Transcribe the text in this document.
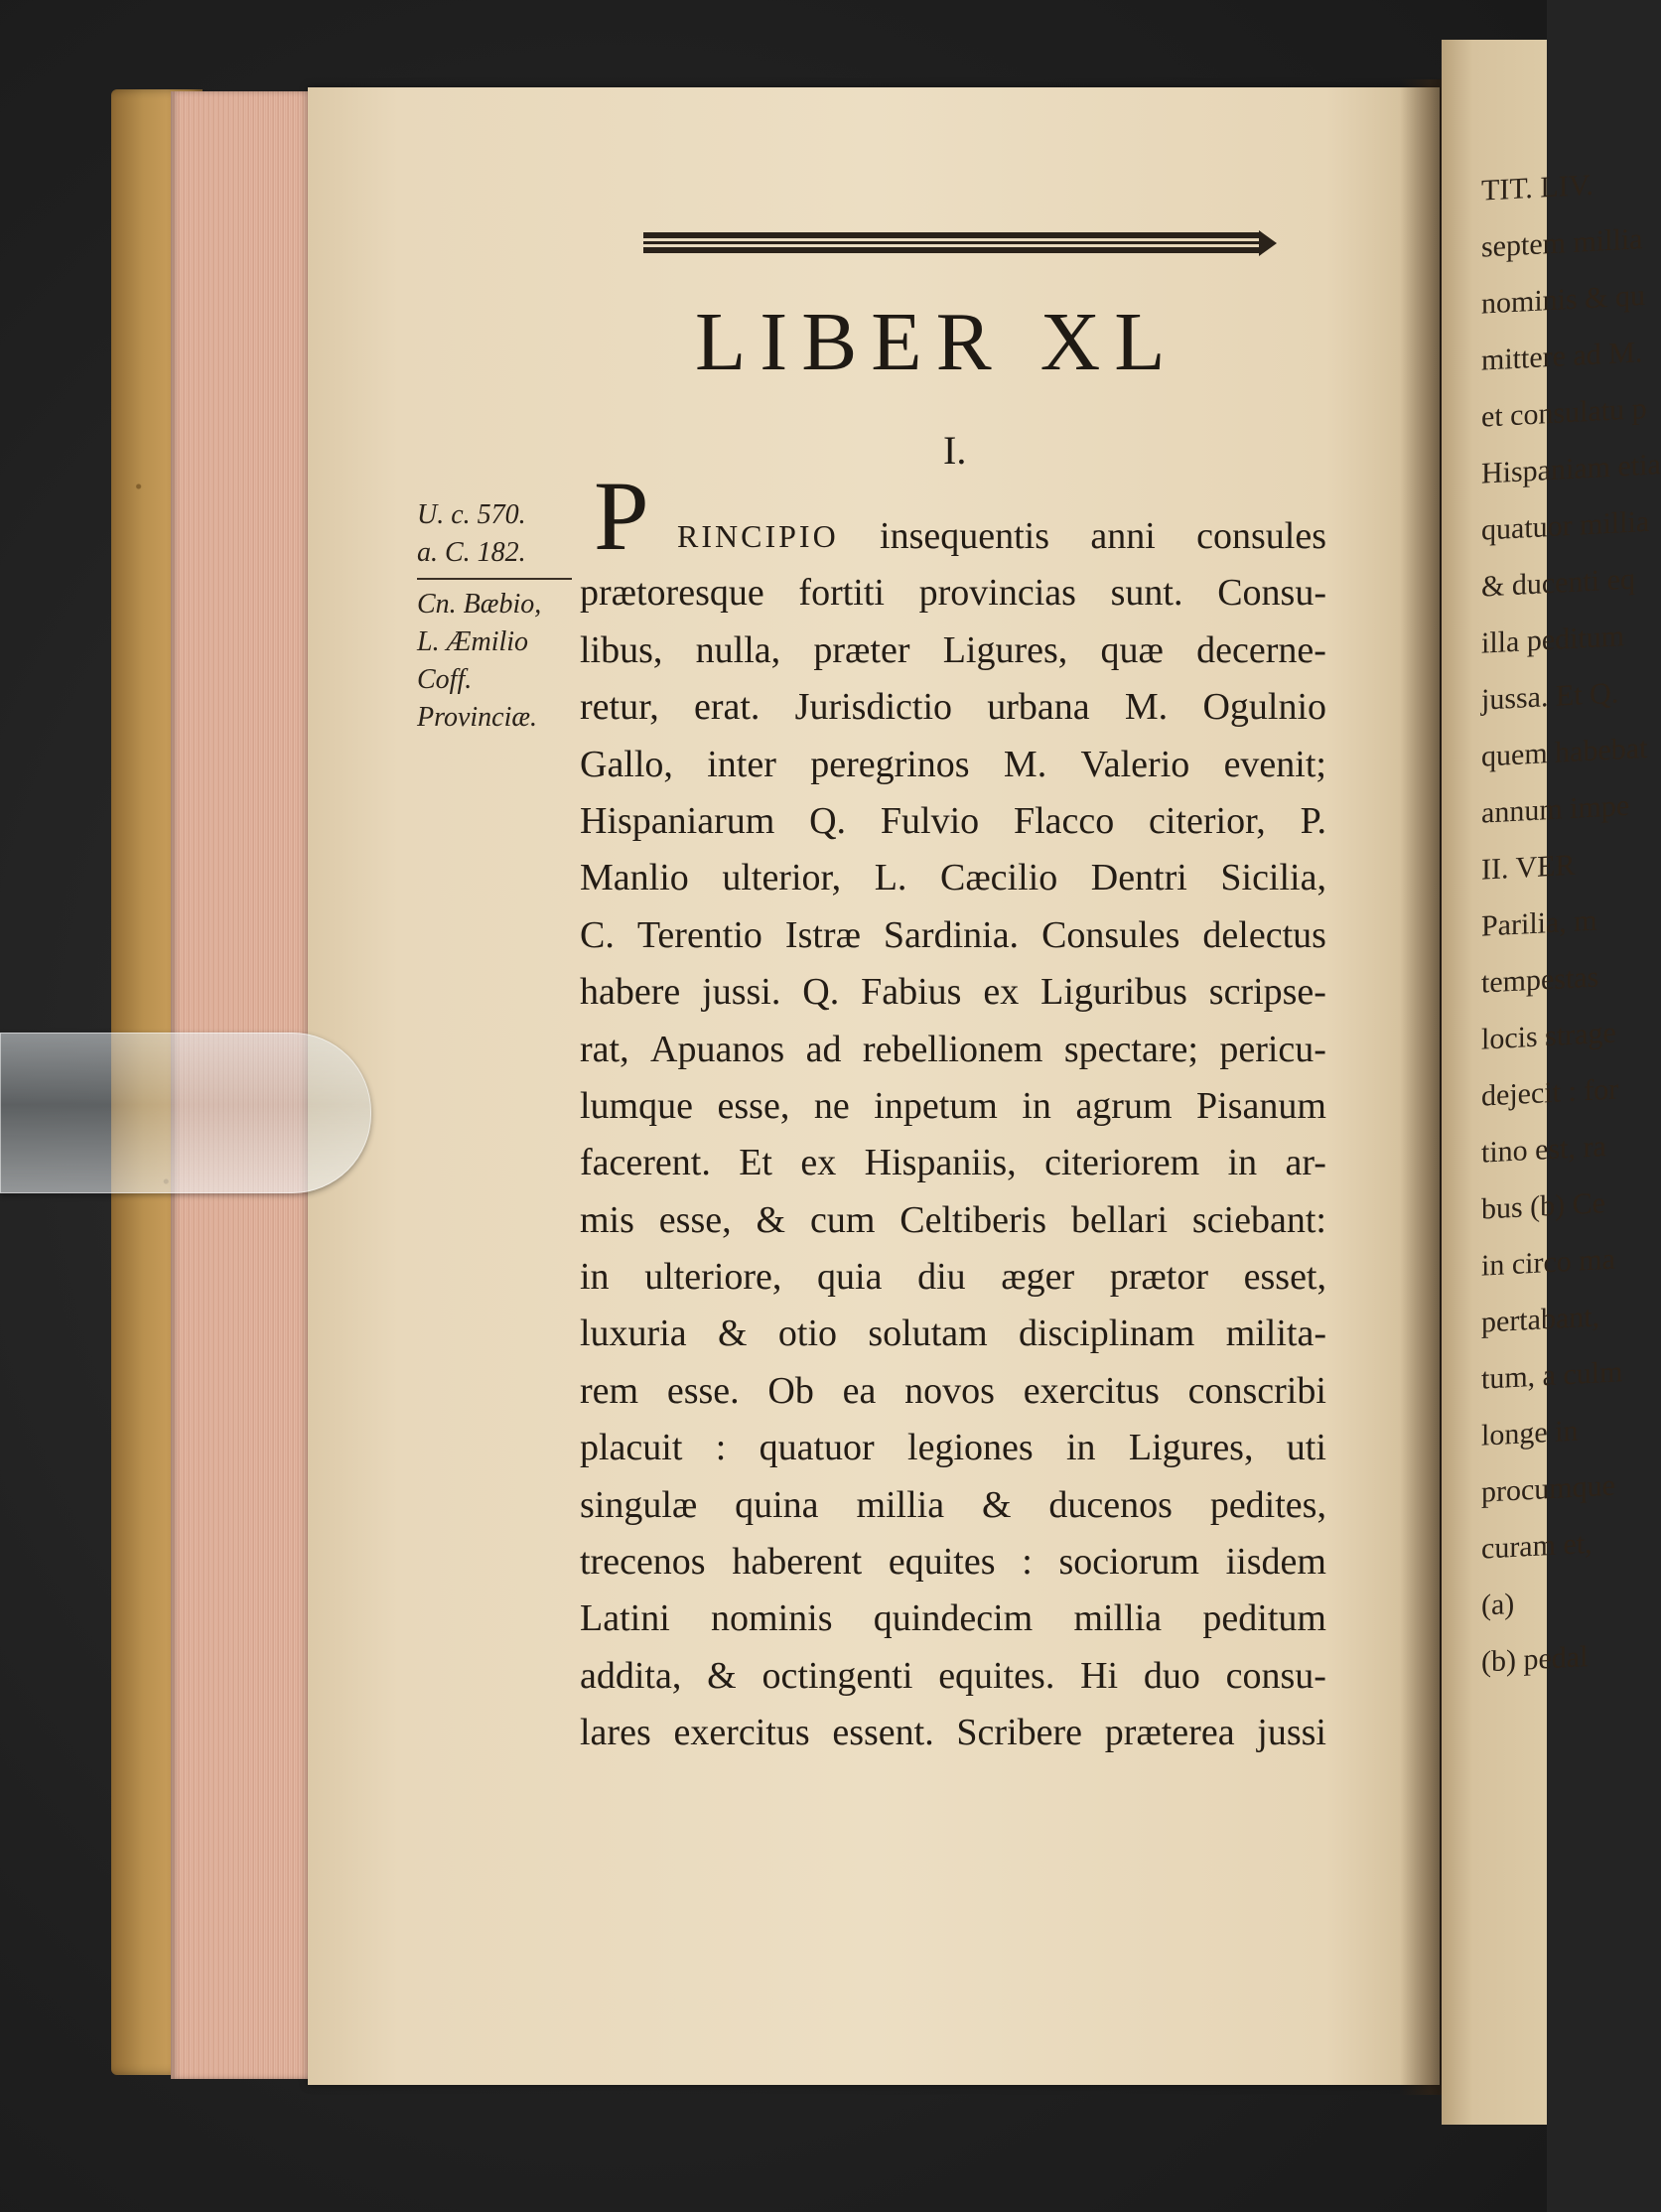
TIT. LIV.
septem millia
nominis & qu
mittere ad M.
et consulatu p
Hispaniam etia
quatuor millia
& ducenti eq
illa peditum
jussa. Et Q.
quem habebat
annum impe
II. VER
Parilia, m
tempestas
locis strage
dejecit : for
tino est, ra
bus (b) Ce
in circo ma
pertabant,
tum, a culm
longe in
procumque
curam et,
(a)
(b) pedal
LIBER XL
I.
U. c. 570.
a. C. 182.
Cn. Bæbio,
L. Æmilio
Coff.
Provinciæ.
P RINCIPIO insequentis anni consules
prætoresque fortiti provincias sunt. Consu-
libus, nulla, præter Ligures, quæ decerne-
retur, erat. Jurisdictio urbana M. Ogulnio
Gallo, inter peregrinos M. Valerio evenit;
Hispaniarum Q. Fulvio Flacco citerior, P.
Manlio ulterior, L. Cæcilio Dentri Sicilia,
C. Terentio Istræ Sardinia. Consules delectus
habere jussi. Q. Fabius ex Liguribus scripse-
rat, Apuanos ad rebellionem spectare; pericu-
lumque esse, ne inpetum in agrum Pisanum
facerent. Et ex Hispaniis, citeriorem in ar-
mis esse, & cum Celtiberis bellari sciebant:
in ulteriore, quia diu æger prætor esset,
luxuria & otio solutam disciplinam milita-
rem esse. Ob ea novos exercitus conscribi
placuit : quatuor legiones in Ligures, uti
singulæ quina millia & ducenos pedites,
trecenos haberent equites : sociorum iisdem
Latini nominis quindecim millia peditum
addita, & octingenti equites. Hi duo consu-
lares exercitus essent. Scribere præterea jussi
